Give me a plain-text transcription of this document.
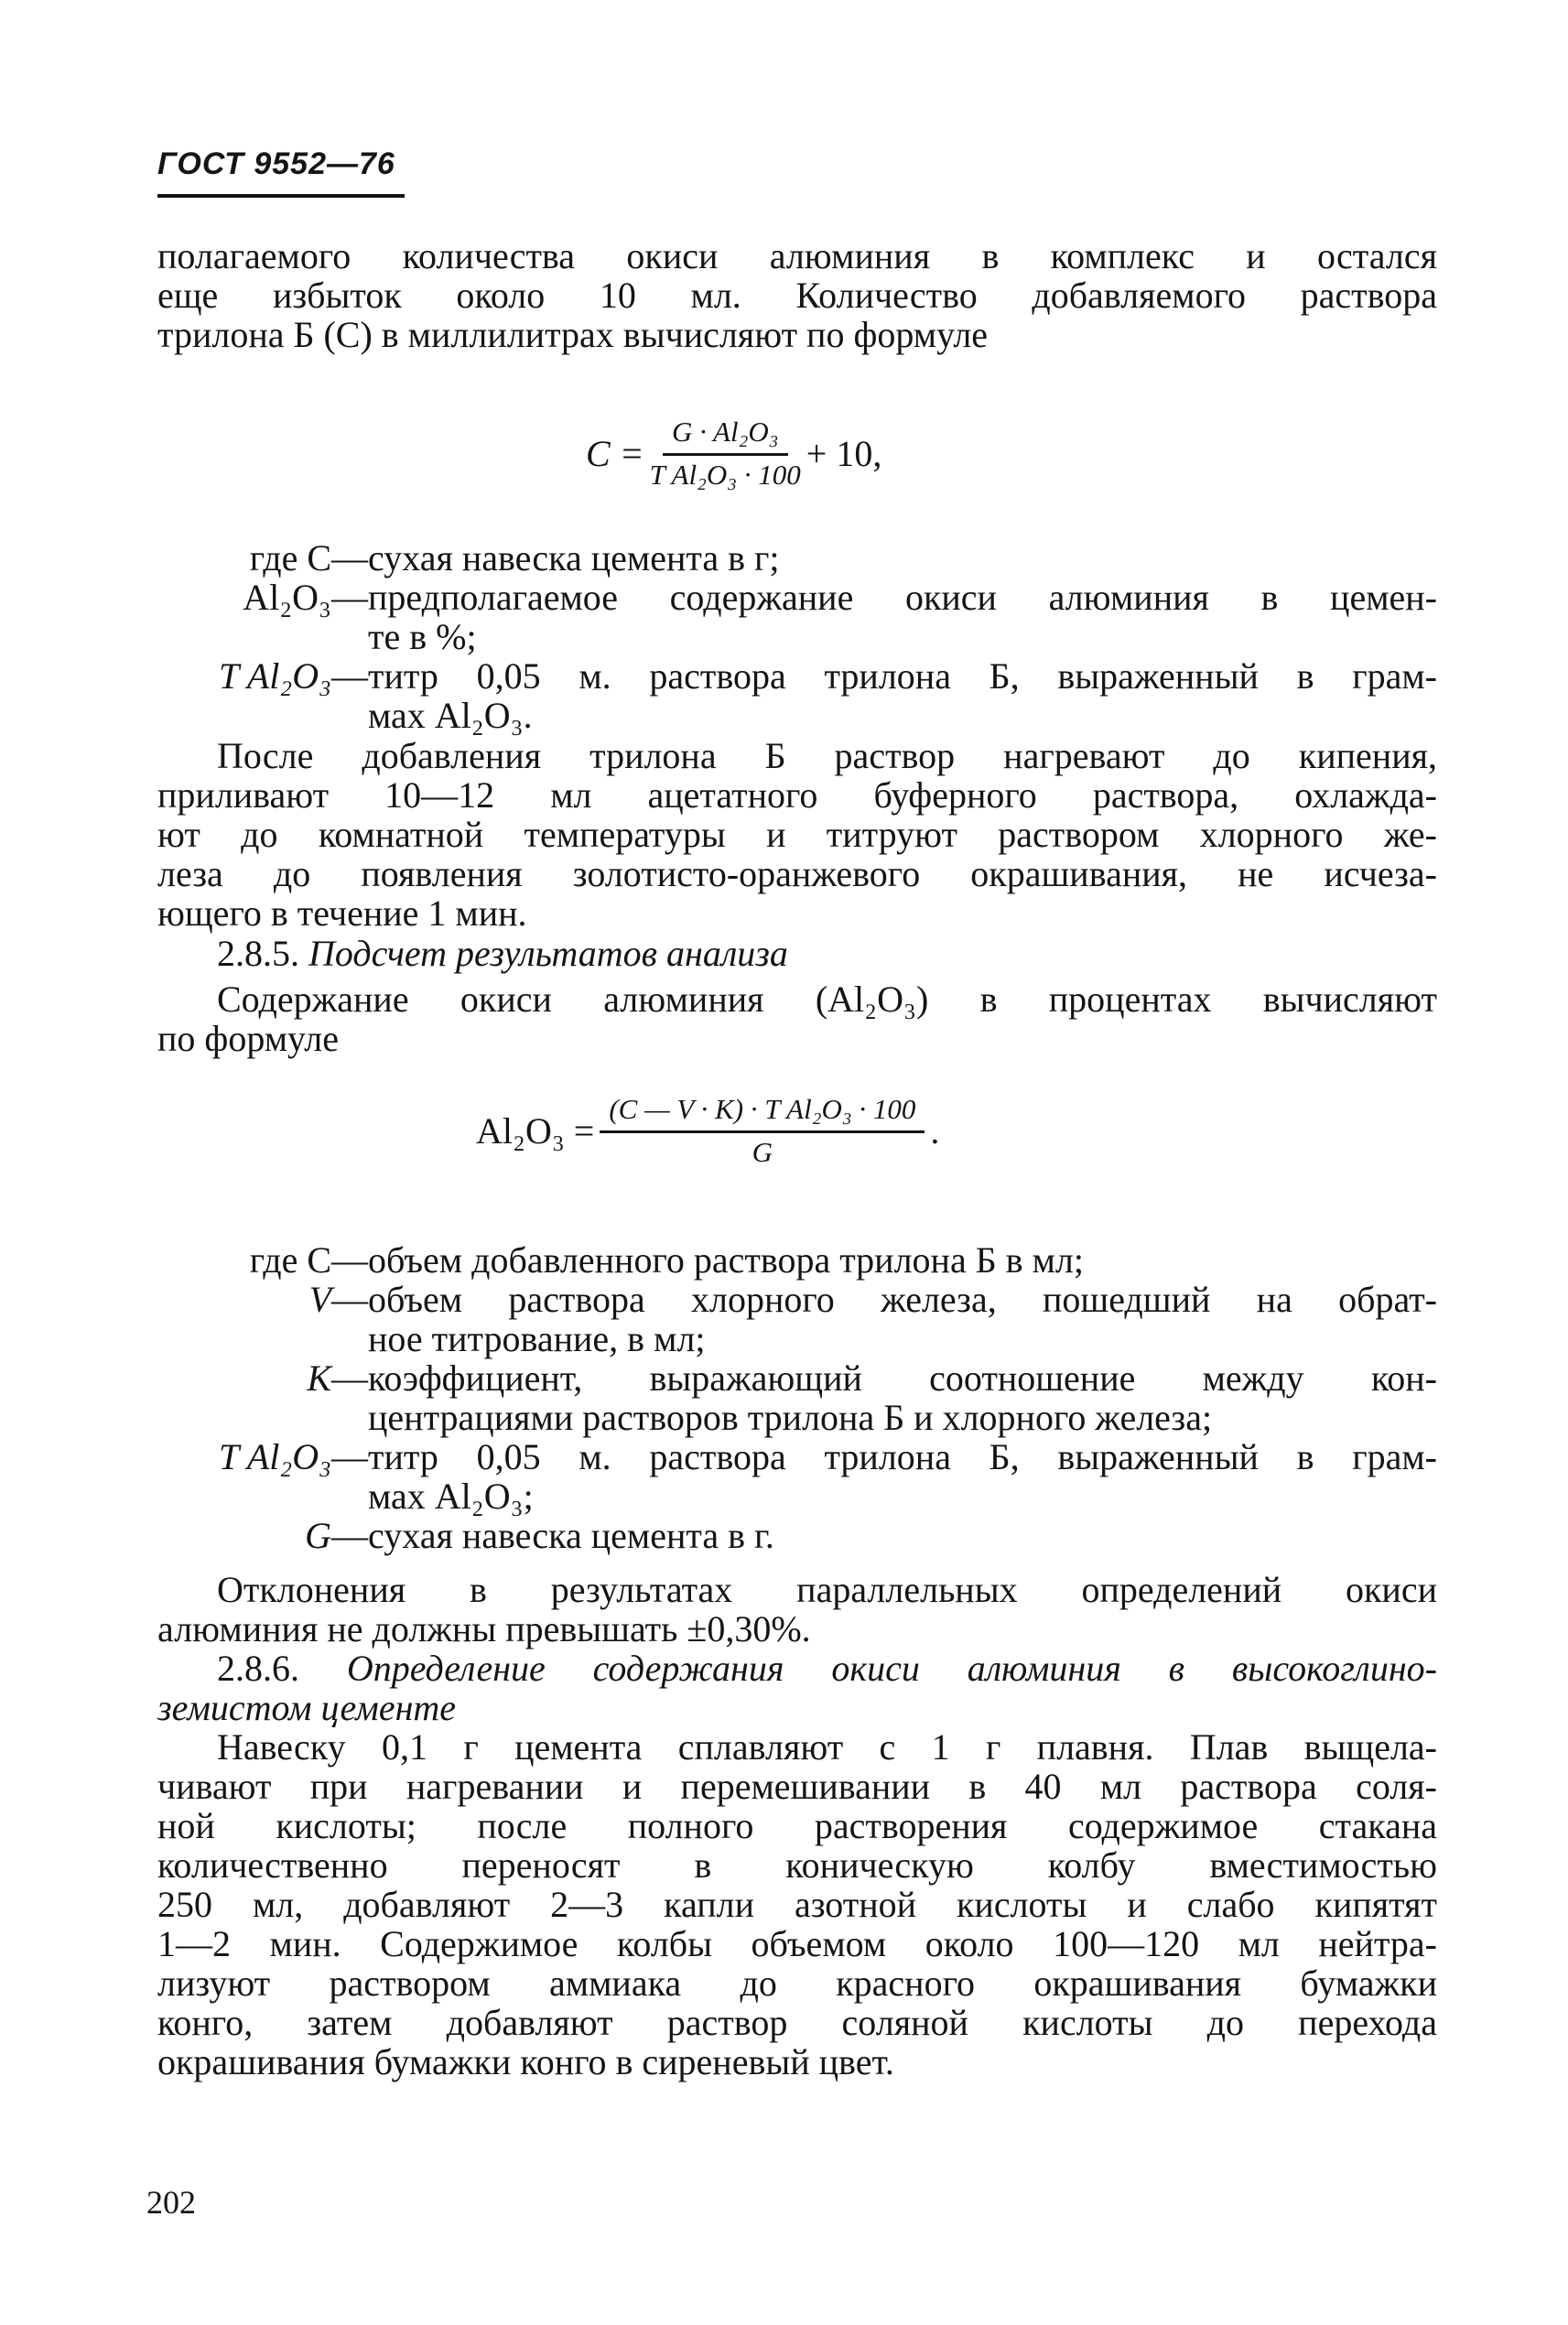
ГОСТ 9552—76
полагаемого количества окиси алюминия в комплекс и остался
еще избыток около 10 мл. Количество добавляемого раствора
трилона Б (C) в миллилитрах вычисляют по формуле
$C = \frac{\text{G · Al₂O₃}}{\text{T Al₂O₃ · 100}} + 10$,
где C — сухая навеска цемента в г;
Al₂O₃ — предполагаемое содержание окиси алюминия в цемен-
те в %;
T Al₂O₃ — титр 0,05 м. раствора трилона Б, выраженный в грам-
мах Al₂O₃.
После добавления трилона Б раствор нагревают до кипения,
приливают 10—12 мл ацетатного буферного раствора, охлажда-
ют до комнатной температуры и титруют раствором хлорного же-
леза до появления золотисто-оранжевого окрашивания, не исчеза-
ющего в течение 1 мин.
2.8.5. Подсчет результатов анализа
Содержание окиси алюминия (Al₂O₃) в процентах вычисляют
по формуле
$Al_2O_3 = \frac{\text{(C — V · K) · T Al₂O₃ · 100}}{G}$ .
где C — объем добавленного раствора трилона Б в мл;
V — объем раствора хлорного железа, пошедший на обрат-
ное титрование, в мл;
K — коэффициент, выражающий соотношение между кон-
центрациями растворов трилона Б и хлорного железа;
T Al₂O₃ — титр 0,05 м. раствора трилона Б, выраженный в грам-
мах Al₂O₃;
G — сухая навеска цемента в г.
Отклонения в результатах параллельных определений окиси
алюминия не должны превышать ±0,30%.
2.8.6. Определение содержания окиси алюминия в высокоглино-
земистом цементе
Навеску 0,1 г цемента сплавляют с 1 г плавня. Плав выщела-
чивают при нагревании и перемешивании в 40 мл раствора соля-
ной кислоты; после полного растворения содержимое стакана
количественно переносят в коническую колбу вместимостью
250 мл, добавляют 2—3 капли азотной кислоты и слабо кипятят
1—2 мин. Содержимое колбы объемом около 100—120 мл нейтра-
лизуют раствором аммиака до красного окрашивания бумажки
конго, затем добавляют раствор соляной кислоты до перехода
окрашивания бумажки конго в сиреневый цвет.
202
